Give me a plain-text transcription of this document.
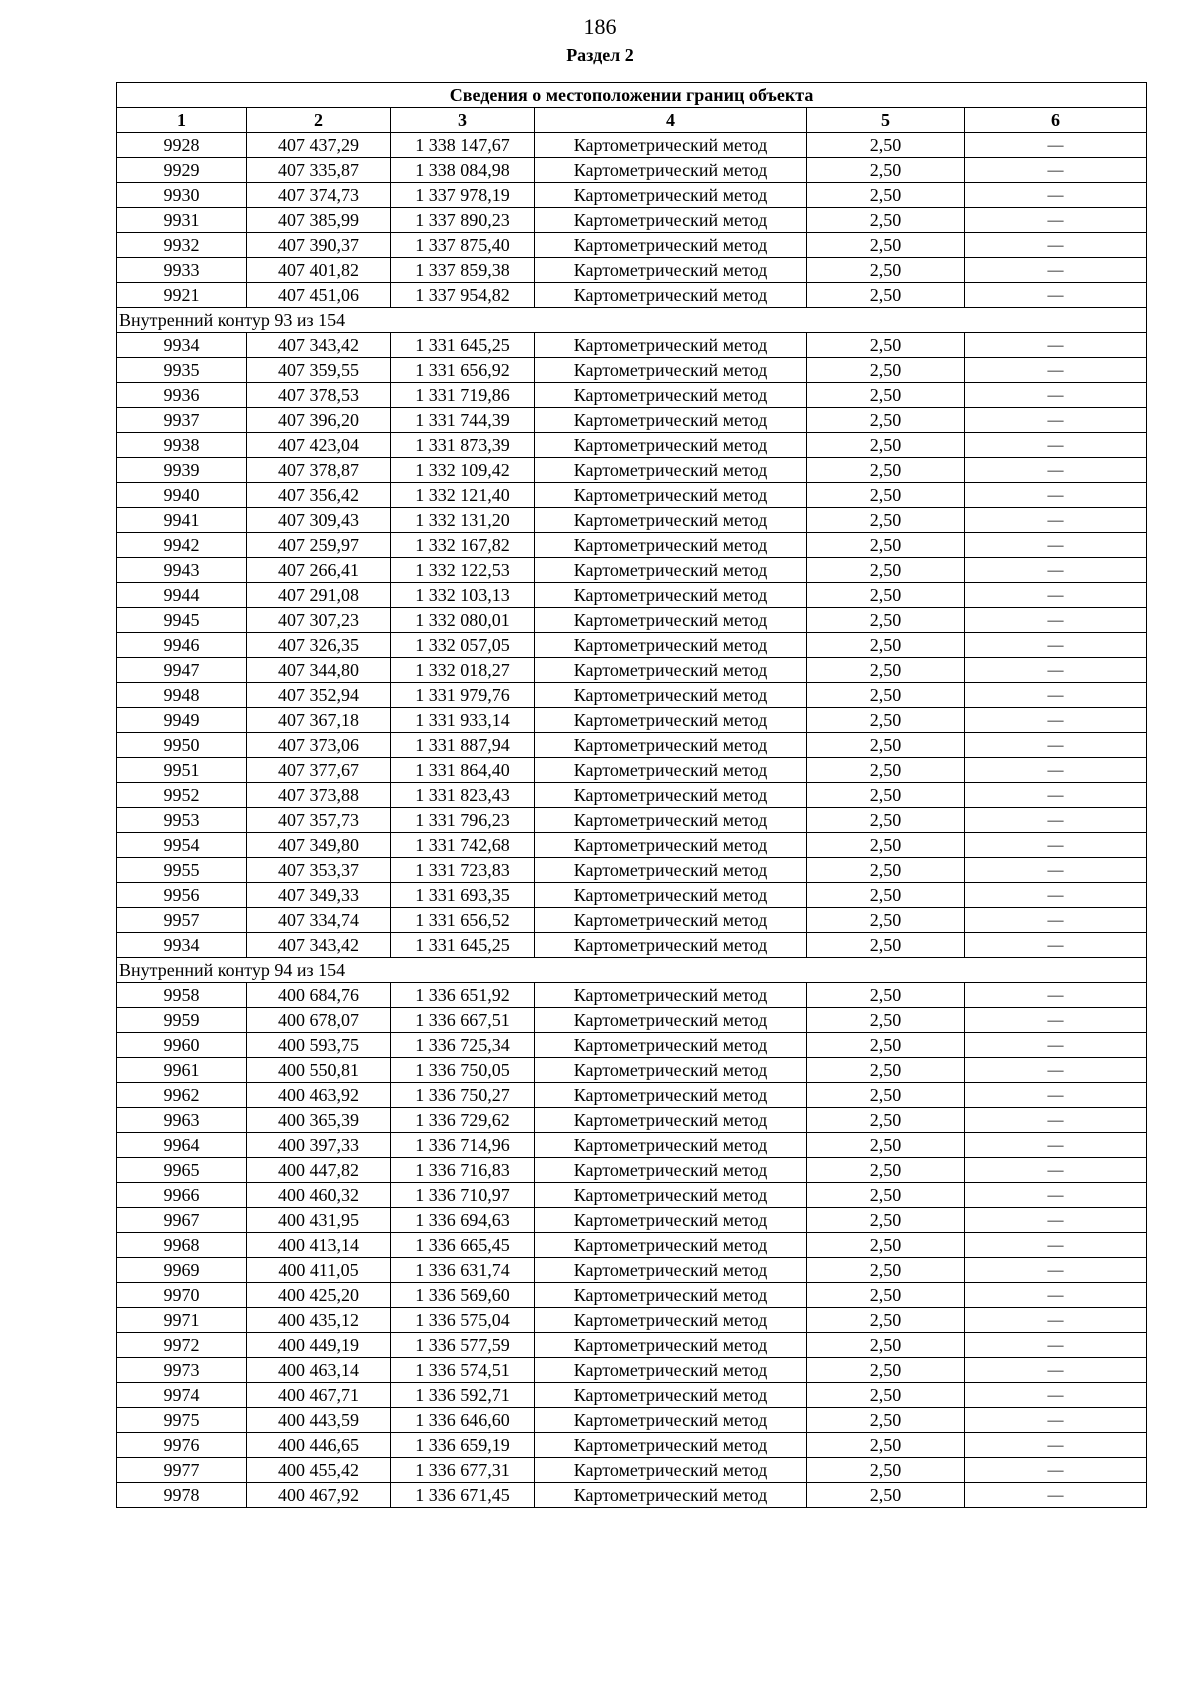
186
Раздел 2
Сведения о местоположении границ объекта					
1	2	3	4	5	6
9928	407 437,29	1 338 147,67	Картометрический метод	2,50	—
9929	407 335,87	1 338 084,98	Картометрический метод	2,50	—
9930	407 374,73	1 337 978,19	Картометрический метод	2,50	—
9931	407 385,99	1 337 890,23	Картометрический метод	2,50	—
9932	407 390,37	1 337 875,40	Картометрический метод	2,50	—
9933	407 401,82	1 337 859,38	Картометрический метод	2,50	—
9921	407 451,06	1 337 954,82	Картометрический метод	2,50	—
Внутренний контур 93 из 154					
9934	407 343,42	1 331 645,25	Картометрический метод	2,50	—
9935	407 359,55	1 331 656,92	Картометрический метод	2,50	—
9936	407 378,53	1 331 719,86	Картометрический метод	2,50	—
9937	407 396,20	1 331 744,39	Картометрический метод	2,50	—
9938	407 423,04	1 331 873,39	Картометрический метод	2,50	—
9939	407 378,87	1 332 109,42	Картометрический метод	2,50	—
9940	407 356,42	1 332 121,40	Картометрический метод	2,50	—
9941	407 309,43	1 332 131,20	Картометрический метод	2,50	—
9942	407 259,97	1 332 167,82	Картометрический метод	2,50	—
9943	407 266,41	1 332 122,53	Картометрический метод	2,50	—
9944	407 291,08	1 332 103,13	Картометрический метод	2,50	—
9945	407 307,23	1 332 080,01	Картометрический метод	2,50	—
9946	407 326,35	1 332 057,05	Картометрический метод	2,50	—
9947	407 344,80	1 332 018,27	Картометрический метод	2,50	—
9948	407 352,94	1 331 979,76	Картометрический метод	2,50	—
9949	407 367,18	1 331 933,14	Картометрический метод	2,50	—
9950	407 373,06	1 331 887,94	Картометрический метод	2,50	—
9951	407 377,67	1 331 864,40	Картометрический метод	2,50	—
9952	407 373,88	1 331 823,43	Картометрический метод	2,50	—
9953	407 357,73	1 331 796,23	Картометрический метод	2,50	—
9954	407 349,80	1 331 742,68	Картометрический метод	2,50	—
9955	407 353,37	1 331 723,83	Картометрический метод	2,50	—
9956	407 349,33	1 331 693,35	Картометрический метод	2,50	—
9957	407 334,74	1 331 656,52	Картометрический метод	2,50	—
9934	407 343,42	1 331 645,25	Картометрический метод	2,50	—
Внутренний контур 94 из 154					
9958	400 684,76	1 336 651,92	Картометрический метод	2,50	—
9959	400 678,07	1 336 667,51	Картометрический метод	2,50	—
9960	400 593,75	1 336 725,34	Картометрический метод	2,50	—
9961	400 550,81	1 336 750,05	Картометрический метод	2,50	—
9962	400 463,92	1 336 750,27	Картометрический метод	2,50	—
9963	400 365,39	1 336 729,62	Картометрический метод	2,50	—
9964	400 397,33	1 336 714,96	Картометрический метод	2,50	—
9965	400 447,82	1 336 716,83	Картометрический метод	2,50	—
9966	400 460,32	1 336 710,97	Картометрический метод	2,50	—
9967	400 431,95	1 336 694,63	Картометрический метод	2,50	—
9968	400 413,14	1 336 665,45	Картометрический метод	2,50	—
9969	400 411,05	1 336 631,74	Картометрический метод	2,50	—
9970	400 425,20	1 336 569,60	Картометрический метод	2,50	—
9971	400 435,12	1 336 575,04	Картометрический метод	2,50	—
9972	400 449,19	1 336 577,59	Картометрический метод	2,50	—
9973	400 463,14	1 336 574,51	Картометрический метод	2,50	—
9974	400 467,71	1 336 592,71	Картометрический метод	2,50	—
9975	400 443,59	1 336 646,60	Картометрический метод	2,50	—
9976	400 446,65	1 336 659,19	Картометрический метод	2,50	—
9977	400 455,42	1 336 677,31	Картометрический метод	2,50	—
9978	400 467,92	1 336 671,45	Картометрический метод	2,50	—
